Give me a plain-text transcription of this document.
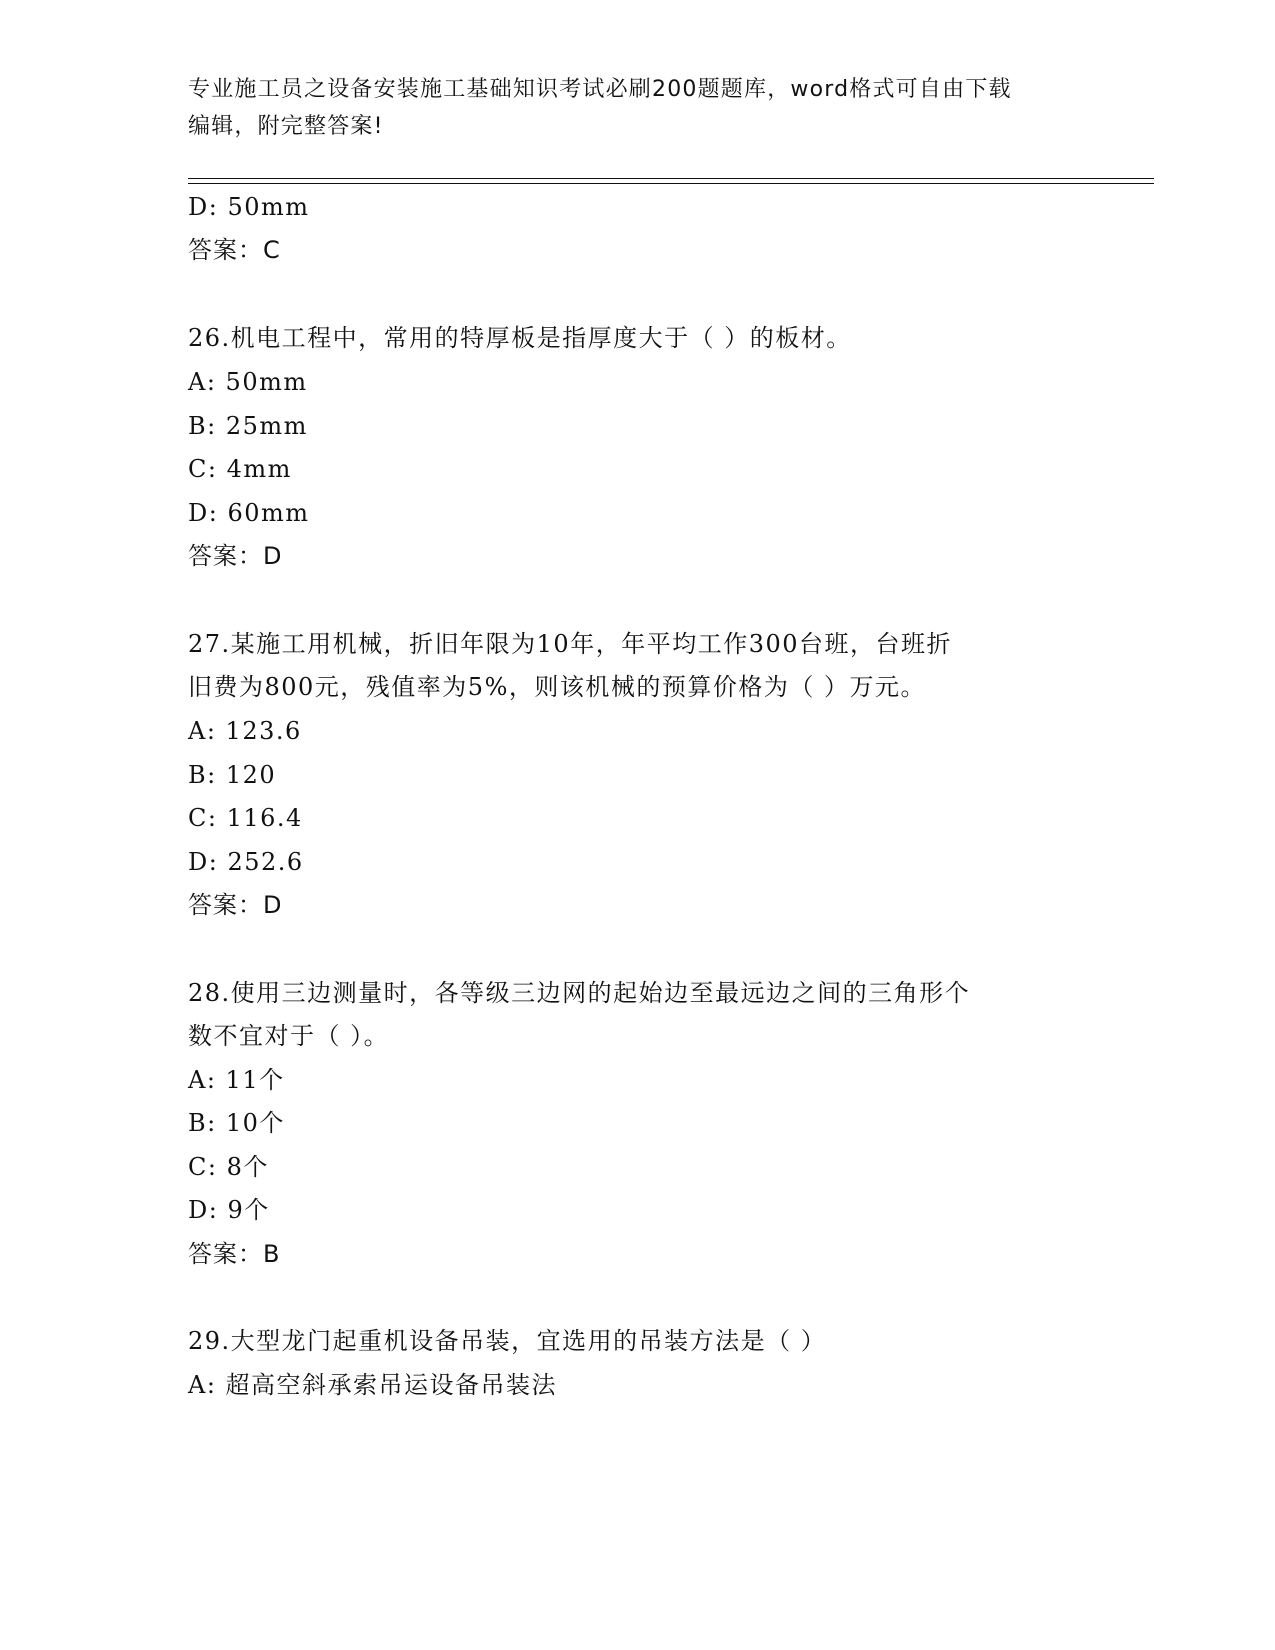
专业施工员之设备安装施工基础知识考试必刷200题题库，word格式可自由下载
编辑，附完整答案!
D: 50mm
答案：C
26.机电工程中，常用的特厚板是指厚度大于（ ）的板材。
A: 50mm
B: 25mm
C: 4mm
D: 60mm
答案：D
27.某施工用机械，折旧年限为10年，年平均工作300台班，台班折
旧费为800元，残值率为5%，则该机械的预算价格为（ ）万元。
A: 123.6
B: 120
C: 116.4
D: 252.6
答案：D
28.使用三边测量时，各等级三边网的起始边至最远边之间的三角形个
数不宜对于（ ）。
A: 11个
B: 10个
C: 8个
D: 9个
答案：B
29.大型龙门起重机设备吊装，宜选用的吊装方法是（ ）
A: 超高空斜承索吊运设备吊装法
